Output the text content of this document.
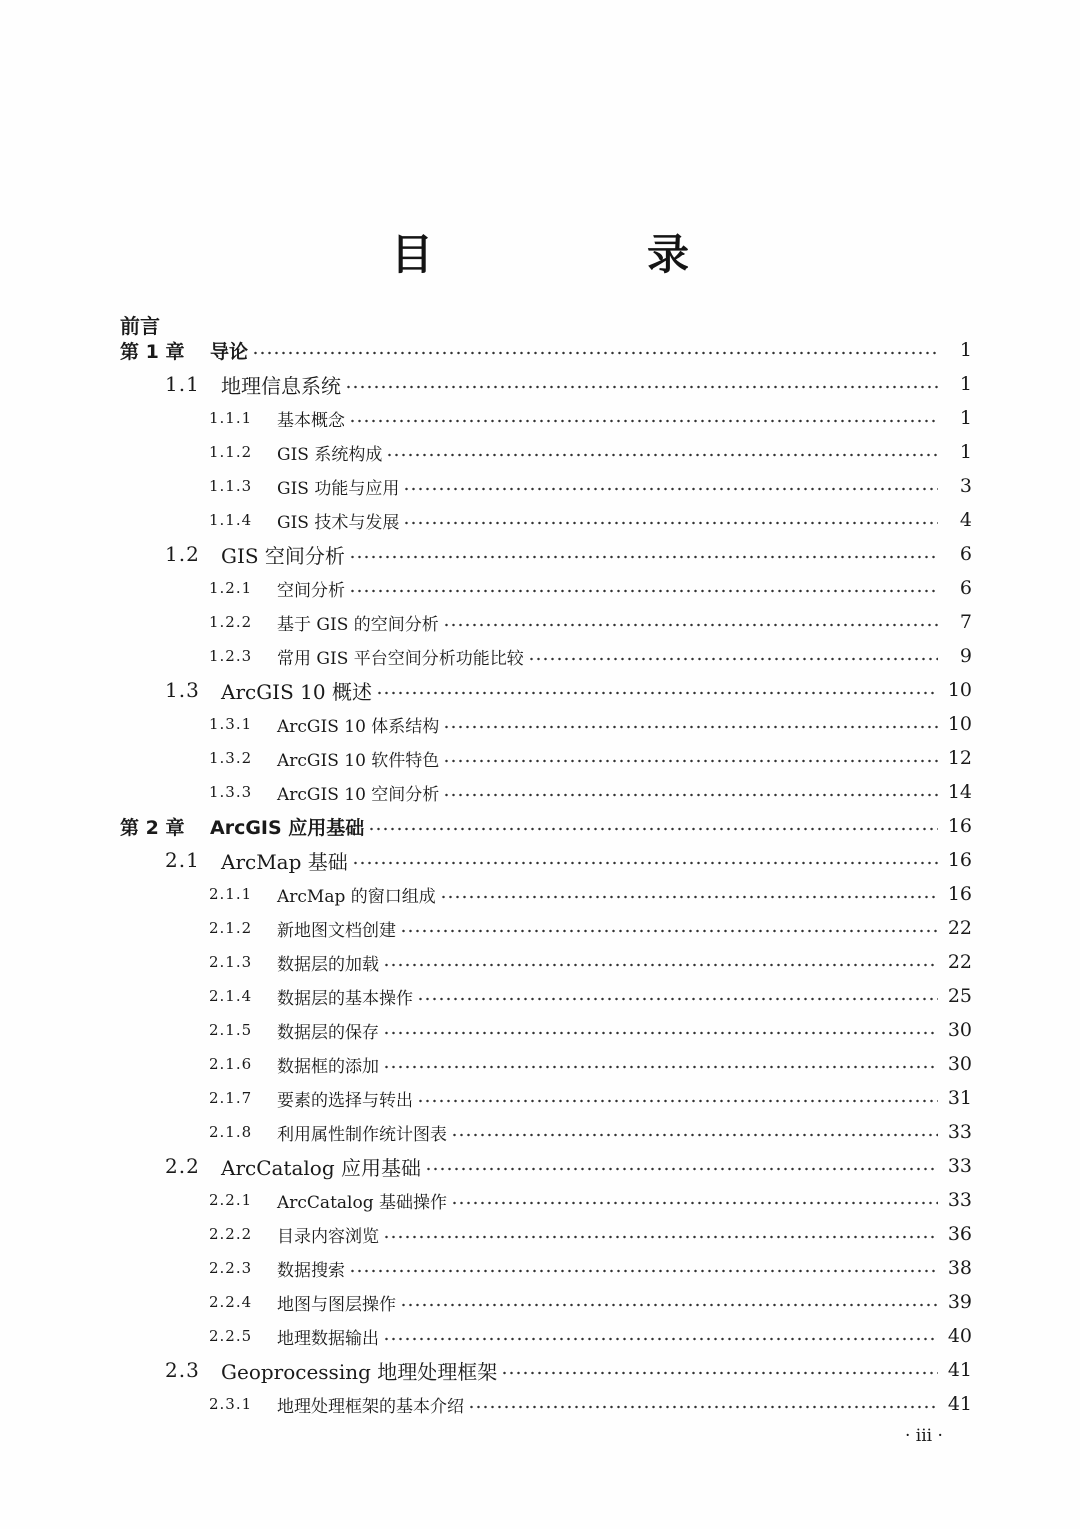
目　录
前言
第 1 章	导论	1
1.1	地理信息系统	1
1.1.1	基本概念	1
1.1.2	GIS 系统构成	1
1.1.3	GIS 功能与应用	3
1.1.4	GIS 技术与发展	4
1.2	GIS 空间分析	6
1.2.1	空间分析	6
1.2.2	基于 GIS 的空间分析	7
1.2.3	常用 GIS 平台空间分析功能比较	9
1.3	ArcGIS 10 概述	10
1.3.1	ArcGIS 10 体系结构	10
1.3.2	ArcGIS 10 软件特色	12
1.3.3	ArcGIS 10 空间分析	14
第 2 章	ArcGIS 应用基础	16
2.1	ArcMap 基础	16
2.1.1	ArcMap 的窗口组成	16
2.1.2	新地图文档创建	22
2.1.3	数据层的加载	22
2.1.4	数据层的基本操作	25
2.1.5	数据层的保存	30
2.1.6	数据框的添加	30
2.1.7	要素的选择与转出	31
2.1.8	利用属性制作统计图表	33
2.2	ArcCatalog 应用基础	33
2.2.1	ArcCatalog 基础操作	33
2.2.2	目录内容浏览	36
2.2.3	数据搜索	38
2.2.4	地图与图层操作	39
2.2.5	地理数据输出	40
2.3	Geoprocessing 地理处理框架	41
2.3.1	地理处理框架的基本介绍	41
· iii ·
